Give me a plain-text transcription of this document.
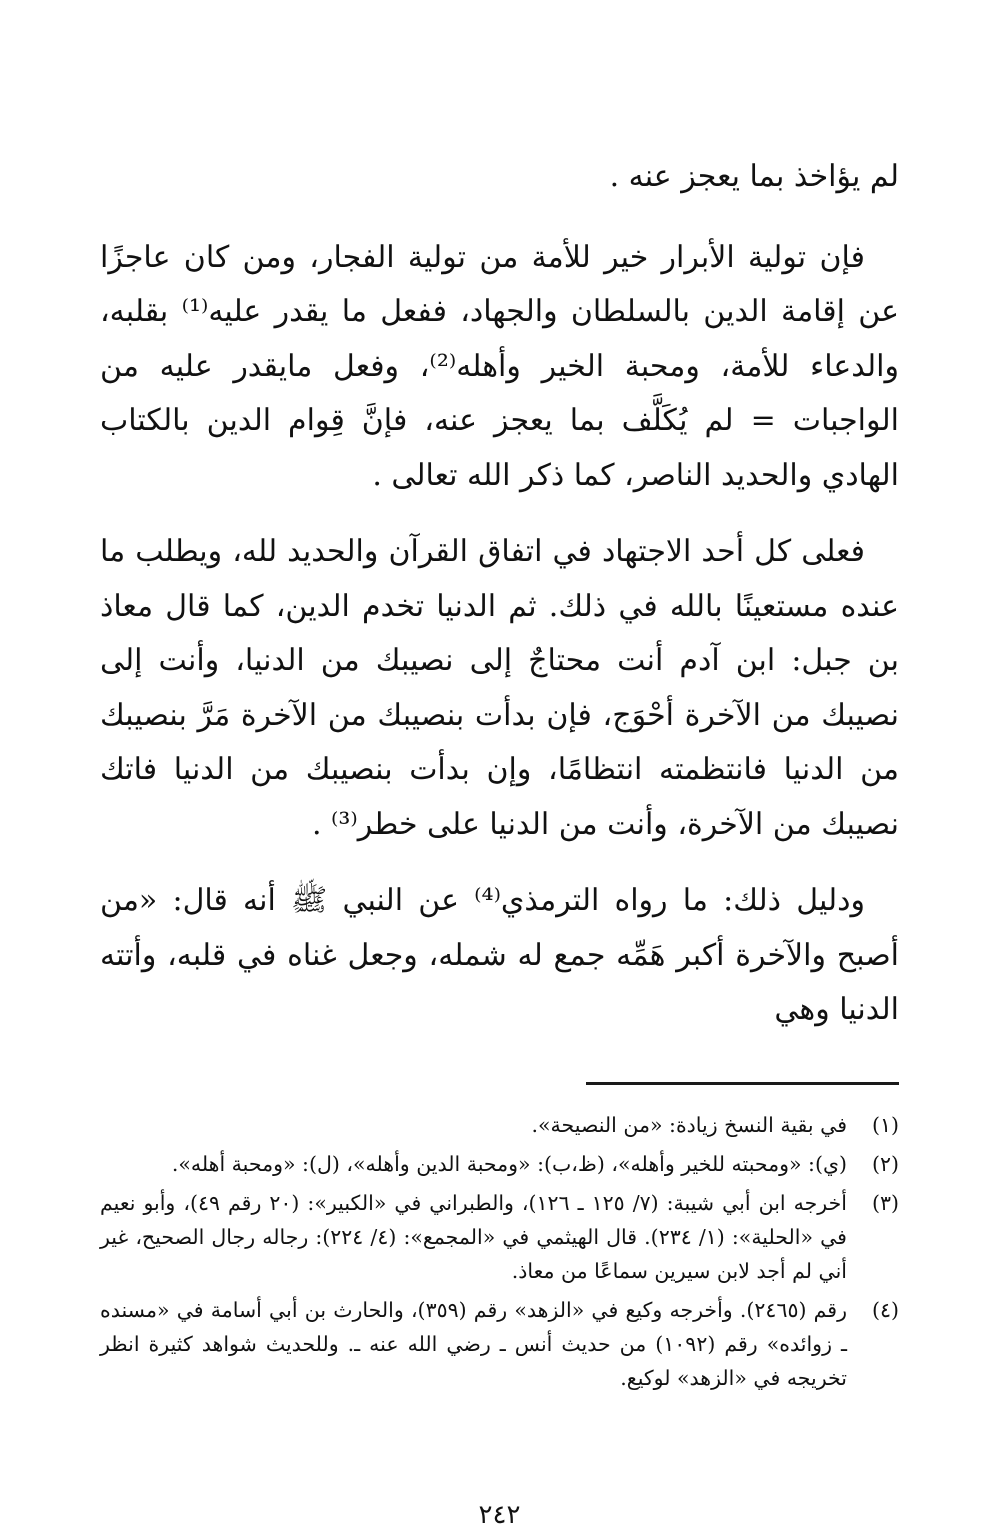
لم يؤاخذ بما يعجز عنه .

فإن تولية الأبرار خير للأمة من تولية الفجار، ومن كان عاجزًا عن إقامة الدين بالسلطان والجهاد، ففعل ما يقدر عليه⁽¹⁾ بقلبه، والدعاء للأمة، ومحبة الخير وأهله⁽²⁾، وفعل مايقدر عليه من الواجبات = لم يُكَلَّف بما يعجز عنه، فإنَّ قِوام الدين بالكتاب الهادي والحديد الناصر، كما ذكر الله تعالى .

فعلى كل أحد الاجتهاد في اتفاق القرآن والحديد لله، ويطلب ما عنده مستعينًا بالله في ذلك. ثم الدنيا تخدم الدين، كما قال معاذ بن جبل: ابن آدم أنت محتاجٌ إلى نصيبك من الدنيا، وأنت إلى نصيبك من الآخرة أحْوَج، فإن بدأت بنصيبك من الآخرة مَرَّ بنصيبك من الدنيا فانتظمته انتظامًا، وإن بدأت بنصيبك من الدنيا فاتك نصيبك من الآخرة، وأنت من الدنيا على خطر⁽³⁾ .

ودليل ذلك: ما رواه الترمذي⁽⁴⁾ عن النبي ﷺ أنه قال: «من أصبح والآخرة أكبر هَمِّه جمع له شمله، وجعل غناه في قلبه، وأتته الدنيا وهي

(١)
في بقية النسخ زيادة: «من النصيحة».
(٢)
(ي): «ومحبته للخير وأهله»، (ظ،ب): «ومحبة الدين وأهله»، (ل): «ومحبة أهله».
(٣)
أخرجه ابن أبي شيبة: (٧/ ١٢٥ ـ ١٢٦)، والطبراني في «الكبير»: (٢٠ رقم ٤٩)، وأبو نعيم في «الحلية»: (١/ ٢٣٤). قال الهيثمي في «المجمع»: (٤/ ٢٢٤): رجاله رجال الصحيح، غير أني لم أجد لابن سيرين سماعًا من معاذ.
(٤)
رقم (٢٤٦٥). وأخرجه وكيع في «الزهد» رقم (٣٥٩)، والحارث بن أبي أسامة في «مسنده ـ زوائده» رقم (١٠٩٢) من حديث أنس ـ رضي الله عنه ـ. وللحديث شواهد كثيرة انظر تخريجه في «الزهد» لوكيع.
٢٤٢
